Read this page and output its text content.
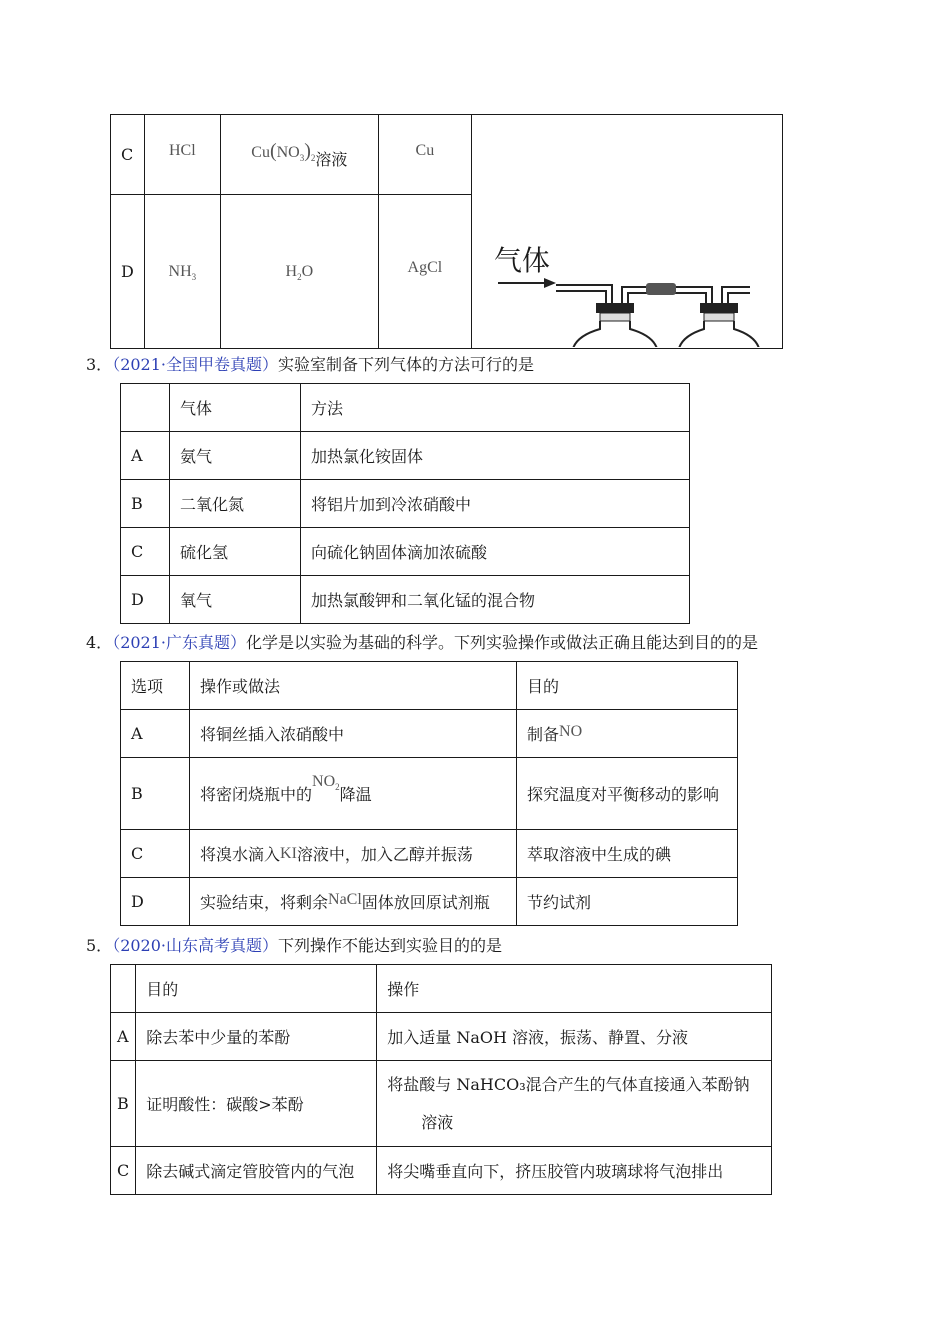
C	HCl	$Cu(NO_3)_2$溶液	Cu	气体

D	$NH_3$	$H_2O$	AgCl	
3．（2021·全国甲卷真题）实验室制备下列气体的方法可行的是
	气体	方法
A	氨气	加热氯化铵固体
B	二氧化氮	将铝片加到冷浓硝酸中
C	硫化氢	向硫化钠固体滴加浓硫酸
D	氧气	加热氯酸钾和二氧化锰的混合物
4．（2021·广东真题）化学是以实验为基础的科学。下列实验操作或做法正确且能达到目的的是
选项	操作或做法	目的
A	将铜丝插入浓硝酸中	制备NO
B	将密闭烧瓶中的$NO_2$降温	探究温度对平衡移动的影响
C	将溴水滴入KI溶液中，加入乙醇并振荡	萃取溶液中生成的碘
D	实验结束，将剩余NaCl固体放回原试剂瓶	节约试剂
5．（2020·山东高考真题）下列操作不能达到实验目的的是
	目的	操作
A	除去苯中少量的苯酚	加入适量 NaOH 溶液，振荡、静置、分液
B	证明酸性：碳酸>苯酚	将盐酸与 NaHCO₃混合产生的气体直接通入苯酚钠
溶液

C	除去碱式滴定管胶管内的气泡	将尖嘴垂直向下，挤压胶管内玻璃球将气泡排出
